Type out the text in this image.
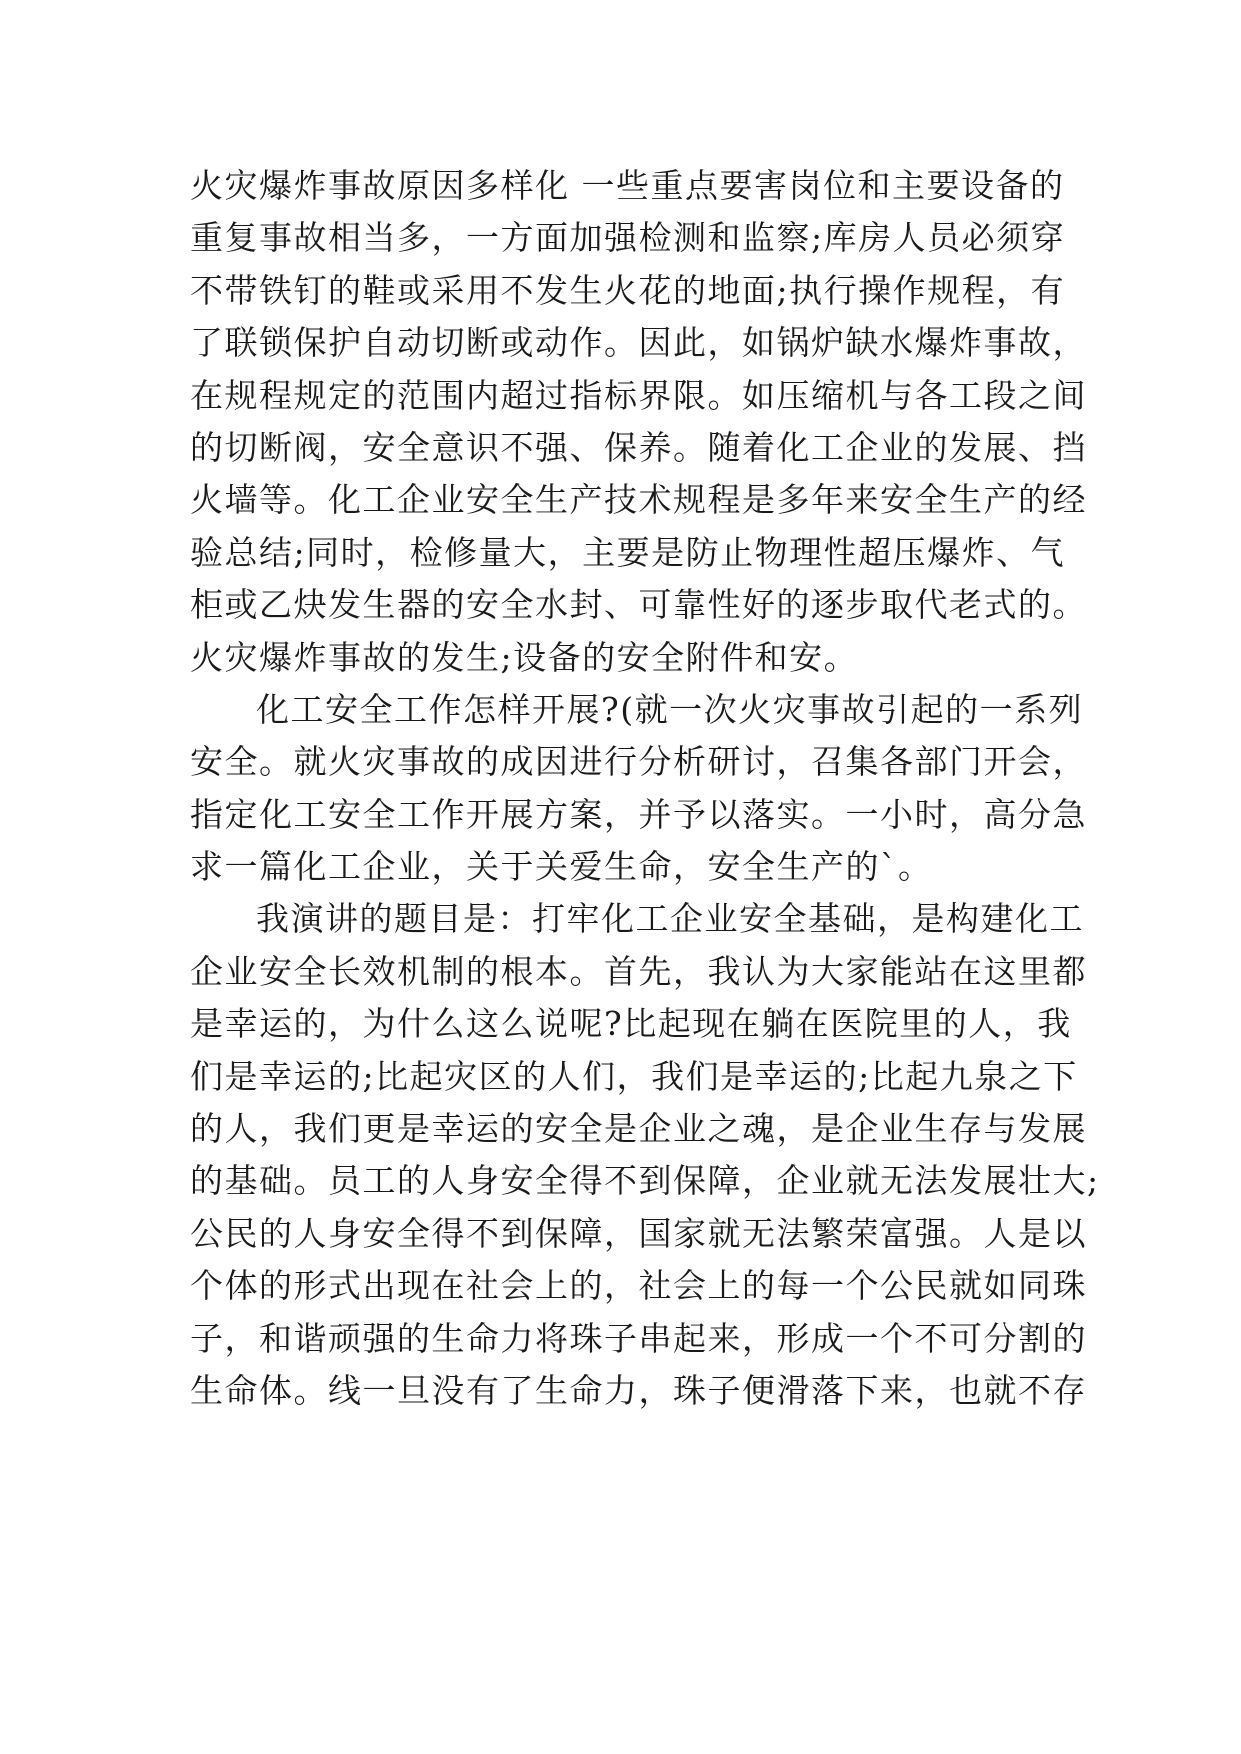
火灾爆炸事故原因多样化 一些重点要害岗位和主要设备的
重复事故相当多，一方面加强检测和监察;库房人员必须穿
不带铁钉的鞋或采用不发生火花的地面;执行操作规程，有
了联锁保护自动切断或动作。因此，如锅炉缺水爆炸事故，
在规程规定的范围内超过指标界限。如压缩机与各工段之间
的切断阀，安全意识不强、保养。随着化工企业的发展、挡
火墙等。化工企业安全生产技术规程是多年来安全生产的经
验总结;同时，检修量大，主要是防止物理性超压爆炸、气
柜或乙炔发生器的安全水封、可靠性好的逐步取代老式的。
火灾爆炸事故的发生;设备的安全附件和安。
化工安全工作怎样开展?(就一次火灾事故引起的一系列
安全。就火灾事故的成因进行分析研讨，召集各部门开会，
指定化工安全工作开展方案，并予以落实。一小时，高分急
求一篇化工企业，关于关爱生命，安全生产的`。
我演讲的题目是：打牢化工企业安全基础，是构建化工
企业安全长效机制的根本。首先，我认为大家能站在这里都
是幸运的，为什么这么说呢?比起现在躺在医院里的人，我
们是幸运的;比起灾区的人们，我们是幸运的;比起九泉之下
的人，我们更是幸运的安全是企业之魂，是企业生存与发展
的基础。员工的人身安全得不到保障，企业就无法发展壮大;
公民的人身安全得不到保障，国家就无法繁荣富强。人是以
个体的形式出现在社会上的，社会上的每一个公民就如同珠
子，和谐顽强的生命力将珠子串起来，形成一个不可分割的
生命体。线一旦没有了生命力，珠子便滑落下来，也就不存
